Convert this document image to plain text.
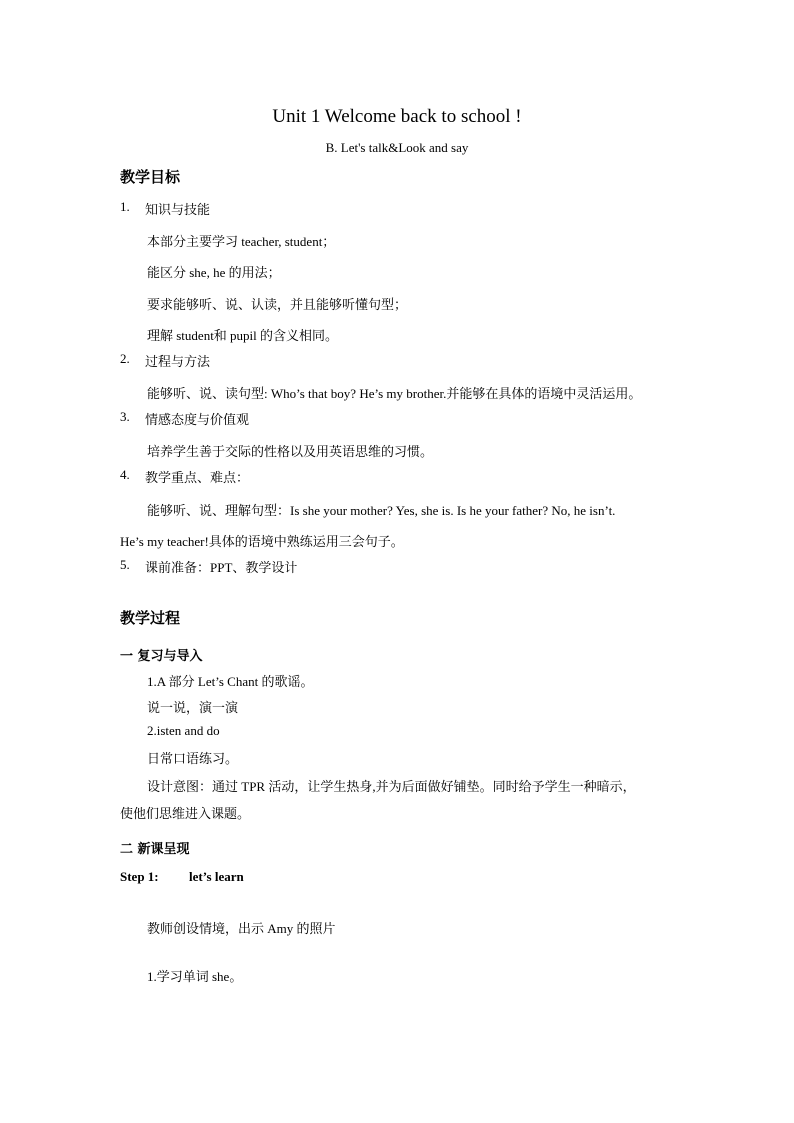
Unit 1 Welcome back to school !
B. Let's talk&Look and say
教学目标
1. 知识与技能
本部分主要学习 teacher, student；
能区分 she, he 的用法；
要求能够听、说、认读，并且能够听懂句型；
理解 student和 pupil 的含义相同。
2. 过程与方法
能够听、说、读句型: Who’s that boy? He’s my brother.并能够在具体的语境中灵活运用。
3. 情感态度与价值观
培养学生善于交际的性格以及用英语思维的习惯。
4. 教学重点、难点：
能够听、说、理解句型：Is she your mother? Yes, she is. Is he your father? No, he isn’t.
He’s my teacher!具体的语境中熟练运用三会句子。
5. 课前准备：PPT、教学设计
教学过程
一 复习与导入
1.A 部分 Let’s Chant 的歌谣。
说一说，演一演
2.isten and do
日常口语练习。
设计意图：通过 TPR 活动，让学生热身,并为后面做好铺垫。同时给予学生一种暗示，
使他们思维进入课题。
二 新课呈现
Step 1: let’s learn
教师创设情境，出示 Amy 的照片
1.学习单词 she。
